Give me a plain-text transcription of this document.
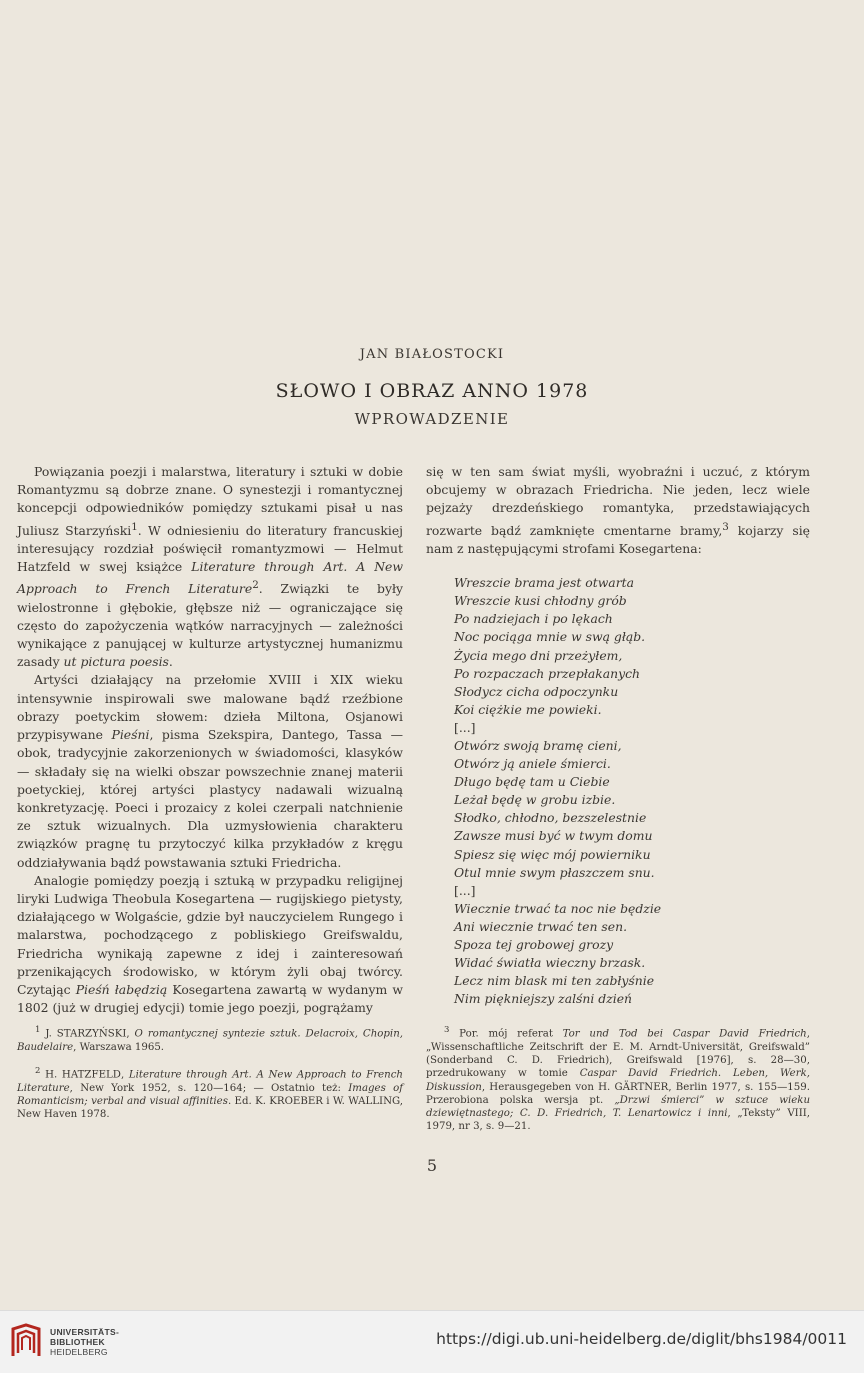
JAN BIAŁOSTOCKI
SŁOWO I OBRAZ ANNO 1978
WPROWADZENIE

Powiązania poezji i malarstwa, literatury i sztuki w dobie Romantyzmu są dobrze znane. O synestezji i romantycznej koncepcji odpowiedników pomiędzy sztukami pisał u nas Juliusz Starzyński$^1$. W odniesieniu do literatury francuskiej interesujący rozdział poświęcił romantyzmowi — Helmut Hatzfeld w swej książce Literature through Art. A New Approach to French Literature$^2$. Związki te były wielostronne i głębokie, głębsze niż — ograniczające się często do zapożyczenia wątków narracyjnych — zależności wynikające z panującej w kulturze artystycznej humanizmu zasady ut pictura poesis.

Artyści działający na przełomie XVIII i XIX wieku intensywnie inspirowali swe malowane bądź rzeźbione obrazy poetyckim słowem: dzieła Miltona, Osjanowi przypisywane Pieśni, pisma Szekspira, Dantego, Tassa — obok, tradycyjnie zakorzenionych w świadomości, klasyków — składały się na wielki obszar powszechnie znanej materii poetyckiej, której artyści plastycy nadawali wizualną konkretyzację. Poeci i prozaicy z kolei czerpali natchnienie ze sztuk wizualnych. Dla uzmysłowienia charakteru związków pragnę tu przytoczyć kilka przykładów z kręgu oddziaływania bądź powstawania sztuki Friedricha.

Analogie pomiędzy poezją i sztuką w przypadku religijnej liryki Ludwiga Theobula Kosegartena — rugijskiego pietysty, działającego w Wolgaście, gdzie był nauczycielem Rungego i malarstwa, pochodzącego z pobliskiego Greifswaldu, Friedricha wynikają zapewne z idej i zainteresowań przenikających środowisko, w którym żyli obaj twórcy. Czytając Pieśń łabędzią Kosegartena zawartą w wydanym w 1802 (już w drugiej edycji) tomie jego poezji, pogrążamy

się w ten sam świat myśli, wyobraźni i uczuć, z którym obcujemy w obrazach Friedricha. Nie jeden, lecz wiele pejzaży drezdeńskiego romantyka, przedstawiających rozwarte bądź zamknięte cmentarne bramy,$^3$ kojarzy się nam z następującymi strofami Kosegartena:

Wreszcie brama jest otwarta
Wreszcie kusi chłodny grób
Po nadziejach i po lękach
Noc pociąga mnie w swą głąb.
Życia mego dni przeżyłem,
Po rozpaczach przepłakanych
Słodycz cicha odpoczynku
Koi ciężkie me powieki.
[...]
Otwórz swoją bramę cieni,
Otwórz ją aniele śmierci.
Długo będę tam u Ciebie
Leżał będę w grobu izbie.
Słodko, chłodno, bezszelestnie
Zawsze musi być w twym domu
Spiesz się więc mój powierniku
Otul mnie swym płaszczem snu.
[...]
Wiecznie trwać ta noc nie będzie
Ani wiecznie trwać ten sen.
Spoza tej grobowej grozy
Widać światła wieczny brzask.
Lecz nim blask mi ten zabłyśnie
Nim piękniejszy zalśni dzień

$^1$ J. STARZYŃSKI, O romantycznej syntezie sztuk. Delacroix, Chopin, Baudelaire, Warszawa 1965.

$^2$ H. HATZFELD, Literature through Art. A New Approach to French Literature, New York 1952, s. 120—164; — Ostatnio też: Images of Romanticism; verbal and visual affinities. Ed. K. KROEBER i W. WALLING, New Haven 1978.

$^3$ Por. mój referat Tor und Tod bei Caspar David Friedrich, „Wissenschaftliche Zeitschrift der E. M. Arndt-Universität, Greifswald” (Sonderband C. D. Friedrich), Greifswald [1976], s. 28—30, przedrukowany w tomie Caspar David Friedrich. Leben, Werk, Diskussion, Herausgegeben von H. GÄRTNER, Berlin 1977, s. 155—159. Przerobiona polska wersja pt. „Drzwi śmierci” w sztuce wieku dziewiętnastego; C. D. Friedrich, T. Lenartowicz i inni, „Teksty” VIII, 1979, nr 3, s. 9—21.

5
UNIVERSITÄTS-
BIBLIOTHEK
HEIDELBERG
https://digi.ub.uni-heidelberg.de/diglit/bhs1984/0011
